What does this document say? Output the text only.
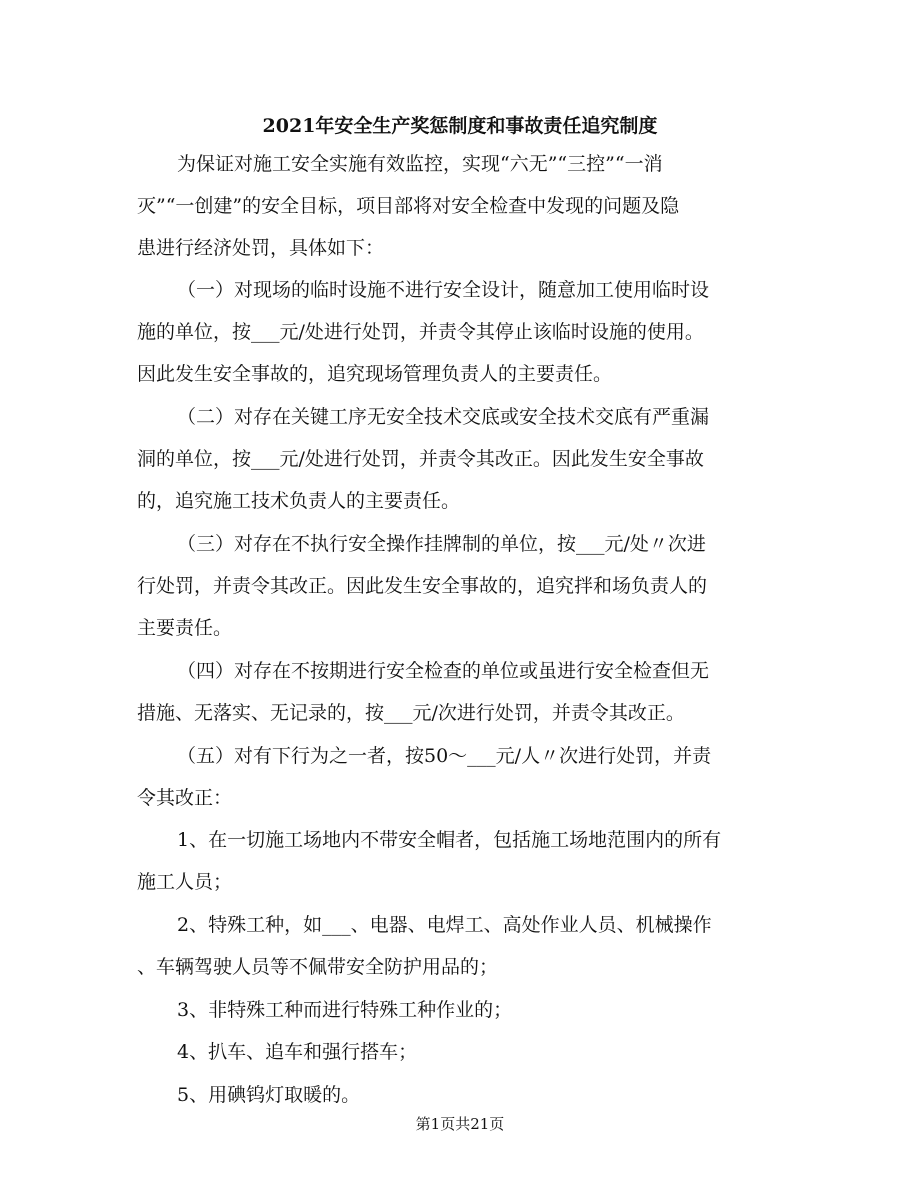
2021年安全生产奖惩制度和事故责任追究制度
为保证对施工安全实施有效监控，实现“六无”“三控”“一消
灭”“一创建”的安全目标，项目部将对安全检查中发现的问题及隐
患进行经济处罚，具体如下：
（一）对现场的临时设施不进行安全设计，随意加工使用临时设
施的单位，按___元/处进行处罚，并责令其停止该临时设施的使用。
因此发生安全事故的，追究现场管理负责人的主要责任。
（二）对存在关键工序无安全技术交底或安全技术交底有严重漏
洞的单位，按___元/处进行处罚，并责令其改正。因此发生安全事故
的，追究施工技术负责人的主要责任。
（三）对存在不执行安全操作挂牌制的单位，按___元/处〃次进
行处罚，并责令其改正。因此发生安全事故的，追究拌和场负责人的
主要责任。
（四）对存在不按期进行安全检查的单位或虽进行安全检查但无
措施、无落实、无记录的，按___元/次进行处罚，并责令其改正。
（五）对有下行为之一者，按50～___元/人〃次进行处罚，并责
令其改正：
1、在一切施工场地内不带安全帽者，包括施工场地范围内的所有
施工人员；
2、特殊工种，如___、电器、电焊工、高处作业人员、机械操作
、车辆驾驶人员等不佩带安全防护用品的；
3、非特殊工种而进行特殊工种作业的；
4、扒车、追车和强行搭车；
5、用碘钨灯取暖的。
第1页共21页
